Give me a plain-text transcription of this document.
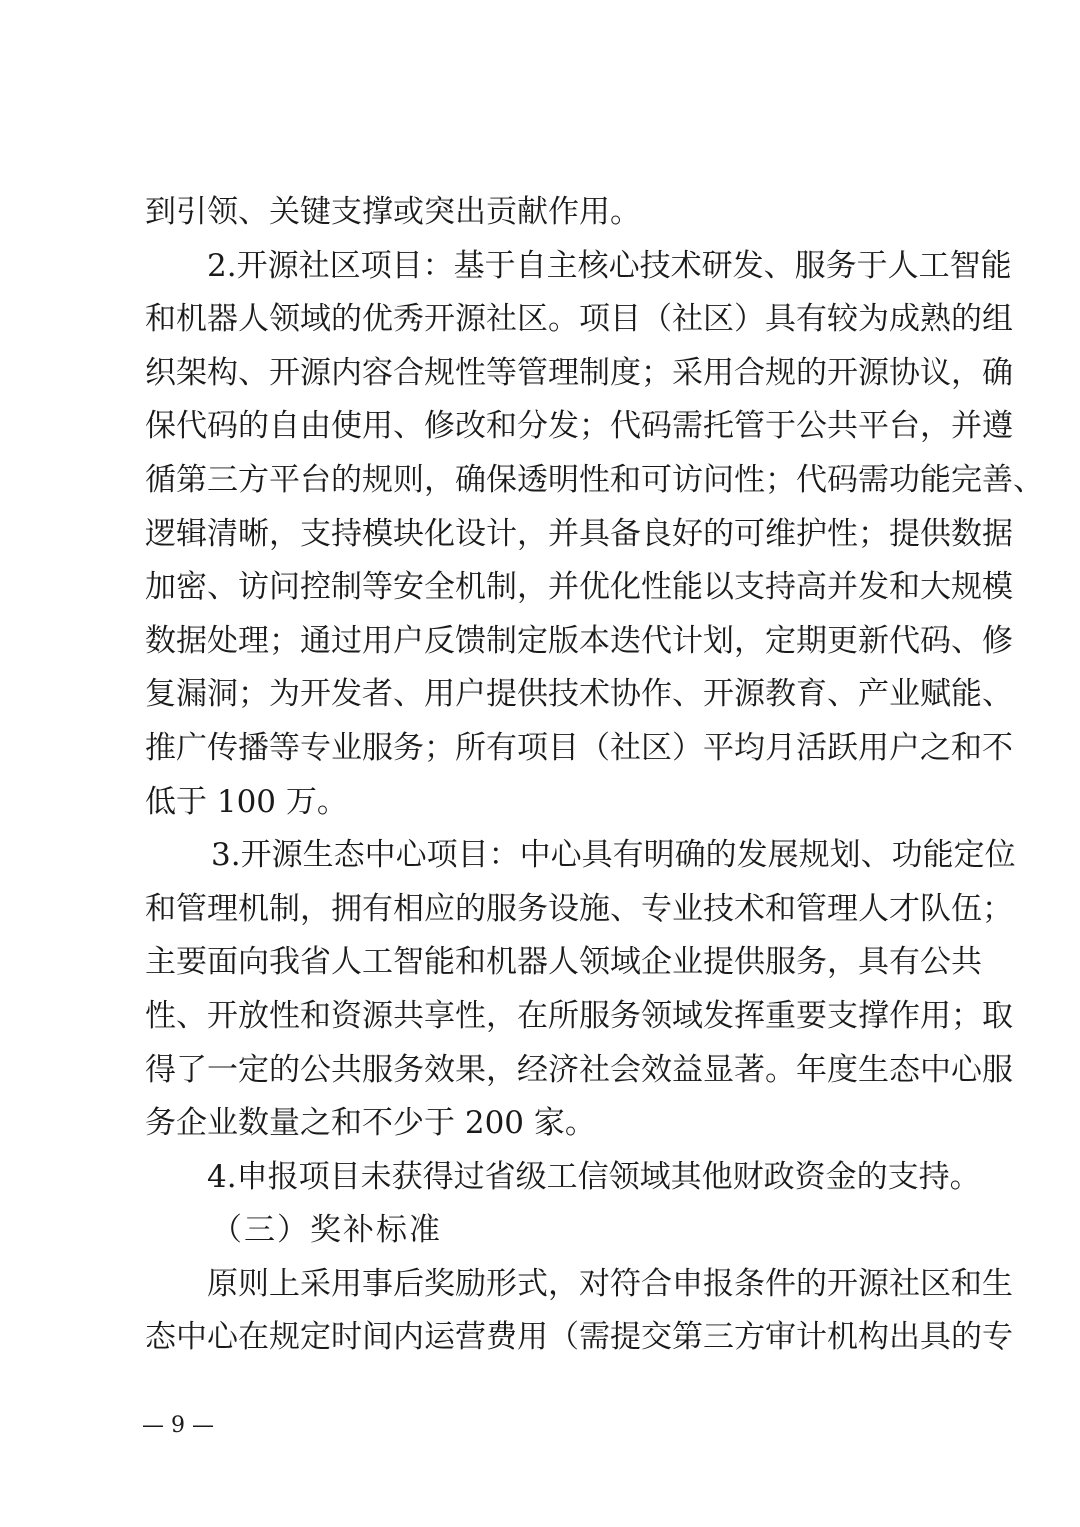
到引领、关键支撑或突出贡献作用。
2.开源社区项目：基于自主核心技术研发、服务于人工智能
和机器人领域的优秀开源社区。项目（社区）具有较为成熟的组
织架构、开源内容合规性等管理制度；采用合规的开源协议，确
保代码的自由使用、修改和分发；代码需托管于公共平台，并遵
循第三方平台的规则，确保透明性和可访问性；代码需功能完善、
逻辑清晰，支持模块化设计，并具备良好的可维护性；提供数据
加密、访问控制等安全机制，并优化性能以支持高并发和大规模
数据处理；通过用户反馈制定版本迭代计划，定期更新代码、修
复漏洞；为开发者、用户提供技术协作、开源教育、产业赋能、
推广传播等专业服务；所有项目（社区）平均月活跃用户之和不
低于 100 万。
3.开源生态中心项目：中心具有明确的发展规划、功能定位
和管理机制，拥有相应的服务设施、专业技术和管理人才队伍；
主要面向我省人工智能和机器人领域企业提供服务，具有公共
性、开放性和资源共享性，在所服务领域发挥重要支撑作用；取
得了一定的公共服务效果，经济社会效益显著。年度生态中心服
务企业数量之和不少于 200 家。
4.申报项目未获得过省级工信领域其他财政资金的支持。
（三）奖补标准
原则上采用事后奖励形式，对符合申报条件的开源社区和生
态中心在规定时间内运营费用（需提交第三方审计机构出具的专
— 9 —
